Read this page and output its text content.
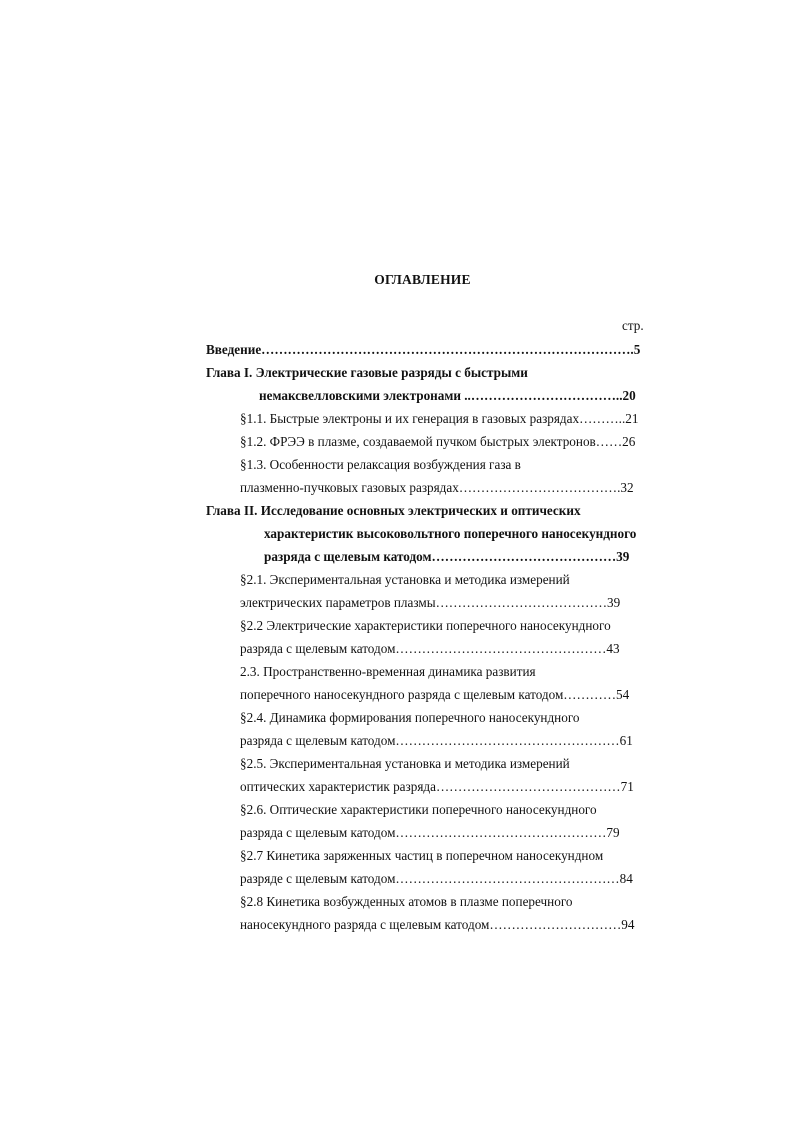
ОГЛАВЛЕНИЕ
стр.
Введение………………………………………………………………………….5
Глава I. Электрические газовые разряды с быстрыми
немаксвелловскими электронами ..……………………………..20
§1.1. Быстрые электроны и их генерация в газовых разрядах………..21
§1.2. ФРЭЭ в плазме, создаваемой пучком быстрых электронов……26
§1.3. Особенности релаксация возбуждения газа в
плазменно-пучковых газовых разрядах……………………………….32
Глава II. Исследование основных электрических и оптических
характеристик высоковольтного поперечного наносекундного
разряда с щелевым катодом……………………………………39
§2.1. Экспериментальная установка и методика измерений
электрических параметров плазмы…………………………………39
§2.2 Электрические характеристики поперечного наносекундного
разряда с щелевым катодом…………………………………………43
2.3. Пространственно-временная динамика развития
поперечного наносекундного разряда с щелевым катодом…………54
§2.4. Динамика формирования поперечного наносекундного
разряда с щелевым катодом……………………………………………61
§2.5. Экспериментальная установка и методика измерений
оптических характеристик разряда……………………………………71
§2.6. Оптические характеристики поперечного наносекундного
разряда с щелевым катодом…………………………………………79
§2.7 Кинетика заряженных частиц в поперечном наносекундном
разряде с щелевым катодом……………………………………………84
§2.8 Кинетика возбужденных атомов в плазме поперечного
наносекундного разряда с щелевым катодом…………………………94
